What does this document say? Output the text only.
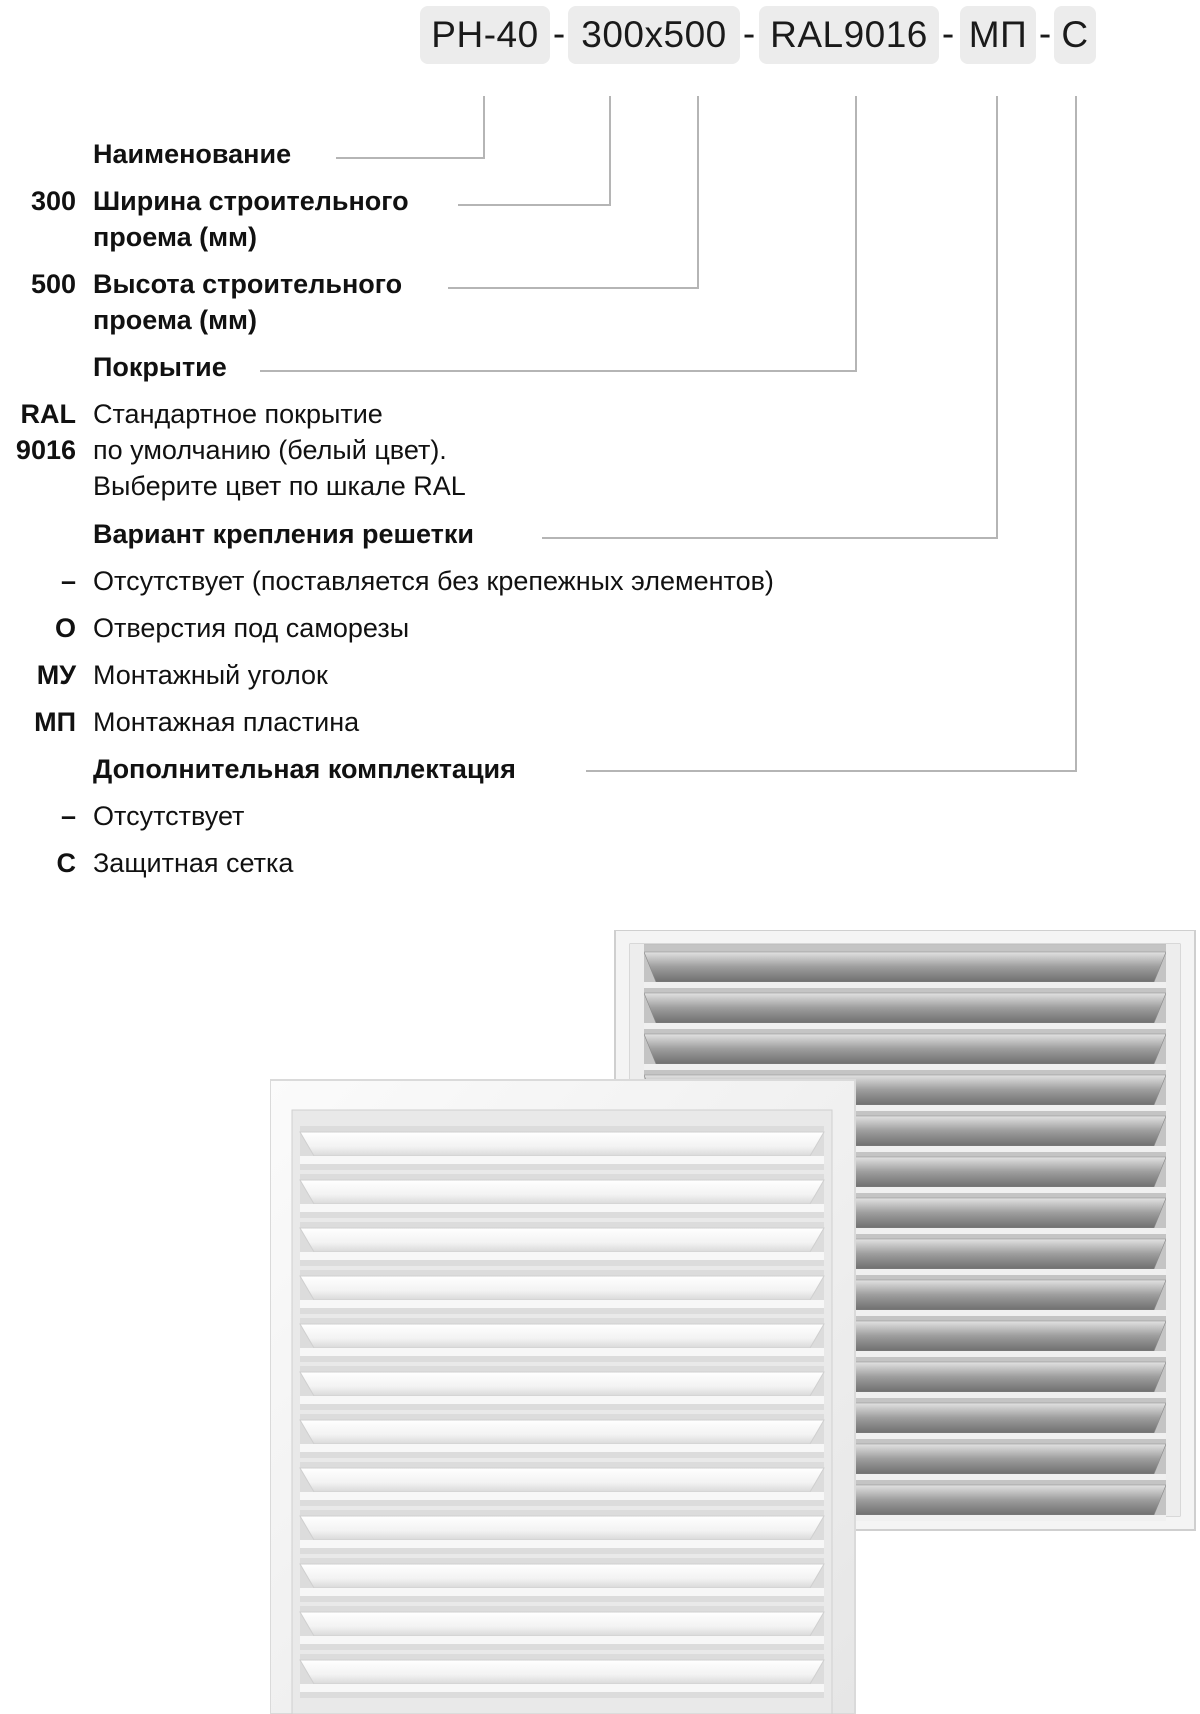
РН-40 - 300x500 - RAL9016 - МП - С
Наименование
300 Ширина строительного
проема (мм)
500 Высота строительного
проема (мм)
Покрытие
RAL
9016
Стандартное покрытие
по умолчанию (белый цвет).
Выберите цвет по шкале RAL
Вариант крепления решетки
– Отсутствует (поставляется без крепежных элементов)
О Отверстия под саморезы
МУ Монтажный уголок
МП Монтажная пластина
Дополнительная комплектация
– Отсутствует
С Защитная сетка
